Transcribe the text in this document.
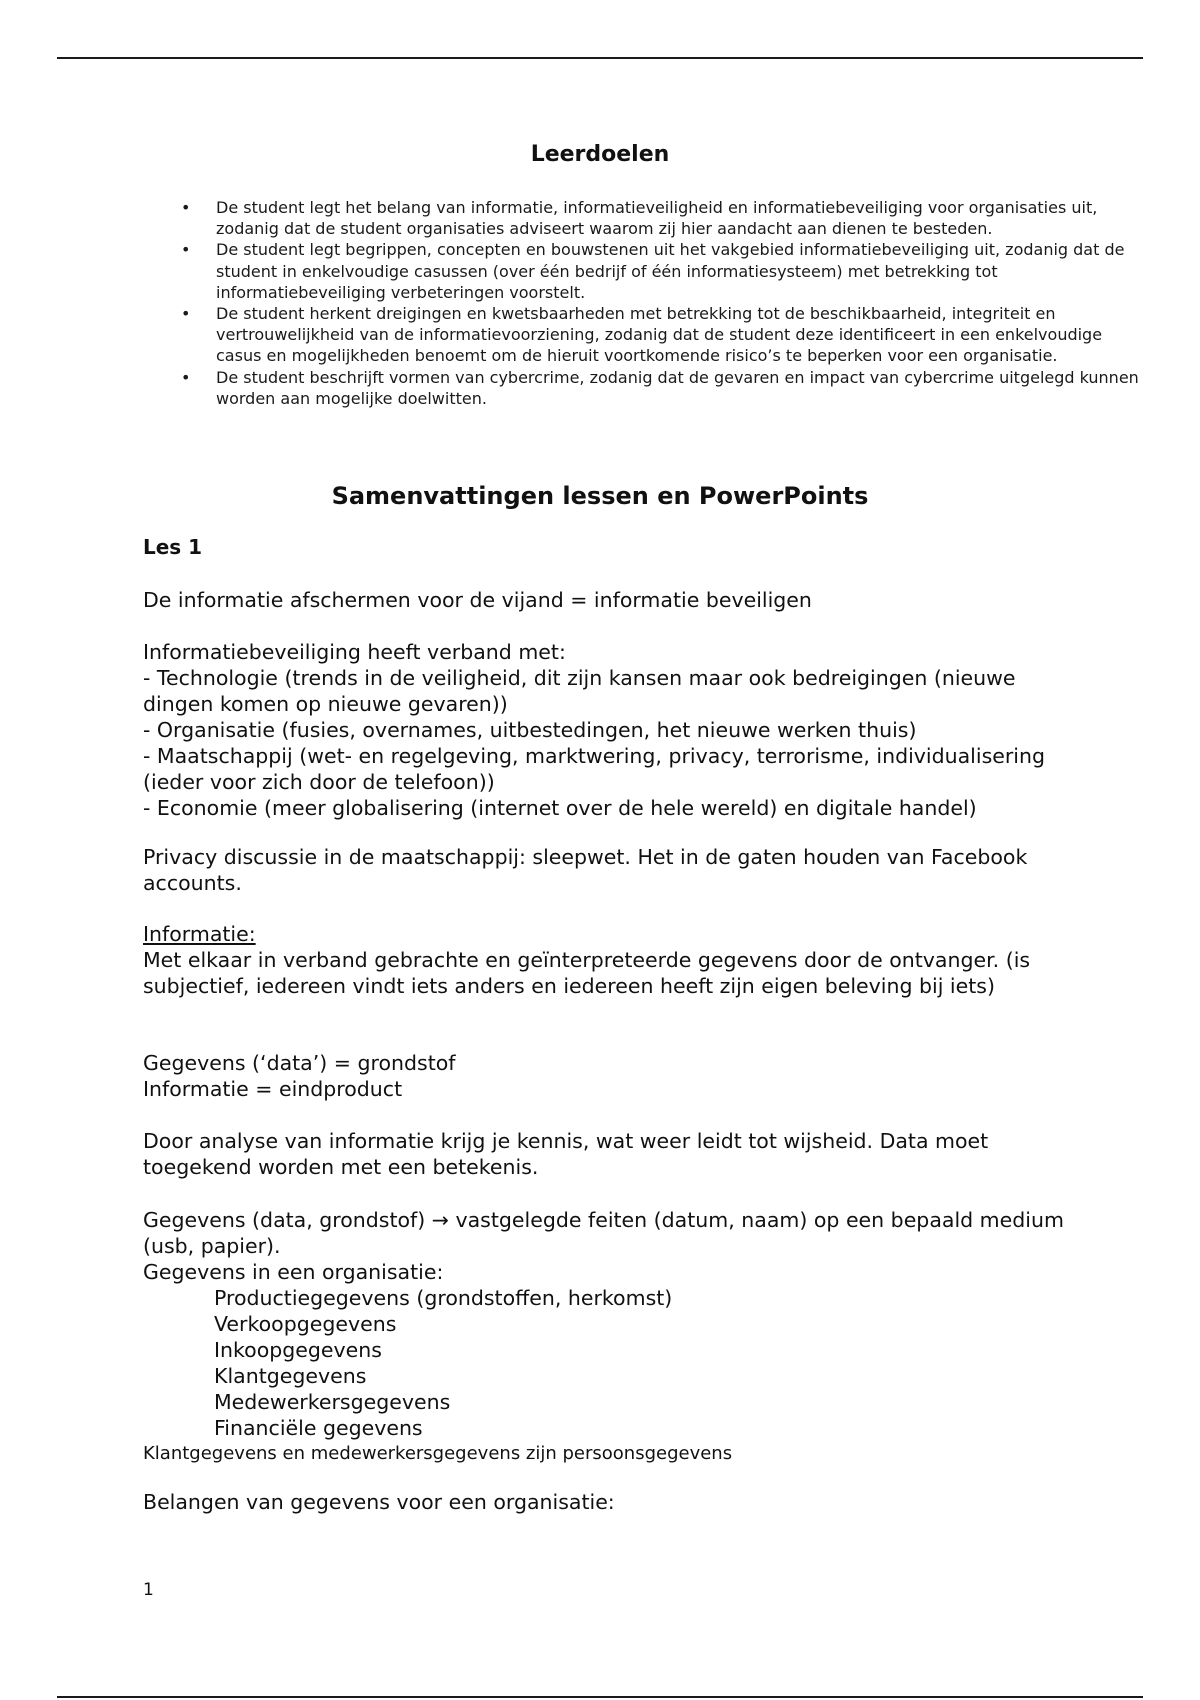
Leerdoelen
• De student legt het belang van informatie, informatieveiligheid en informatiebeveiliging voor organisaties uit, zodanig dat de student organisaties adviseert waarom zij hier aandacht aan dienen te besteden.
• De student legt begrippen, concepten en bouwstenen uit het vakgebied informatiebeveiliging uit, zodanig dat de student in enkelvoudige casussen (over één bedrijf of één informatiesysteem) met betrekking tot informatiebeveiliging verbeteringen voorstelt.
• De student herkent dreigingen en kwetsbaarheden met betrekking tot de beschikbaarheid, integriteit en vertrouwelijkheid van de informatievoorziening, zodanig dat de student deze identificeert in een enkelvoudige casus en mogelijkheden benoemt om de hieruit voortkomende risico’s te beperken voor een organisatie.
• De student beschrijft vormen van cybercrime, zodanig dat de gevaren en impact van cybercrime uitgelegd kunnen worden aan mogelijke doelwitten.
Samenvattingen lessen en PowerPoints
Les 1

De informatie afschermen voor de vijand = informatie beveiligen

Informatiebeveiliging heeft verband met:

- Technologie (trends in de veiligheid, dit zijn kansen maar ook bedreigingen (nieuwe dingen komen op nieuwe gevaren))

- Organisatie (fusies, overnames, uitbestedingen, het nieuwe werken thuis)

- Maatschappij (wet- en regelgeving, marktwering, privacy, terrorisme, individualisering (ieder voor zich door de telefoon))

- Economie (meer globalisering (internet over de hele wereld) en digitale handel)

Privacy discussie in de maatschappij: sleepwet. Het in de gaten houden van Facebook accounts.

Informatie:

Met elkaar in verband gebrachte en geïnterpreteerde gegevens door de ontvanger. (is subjectief, iedereen vindt iets anders en iedereen heeft zijn eigen beleving bij iets)

Gegevens (‘data’) = grondstof

Informatie = eindproduct

Door analyse van informatie krijg je kennis, wat weer leidt tot wijsheid. Data moet toegekend worden met een betekenis.

Gegevens (data, grondstof) → vastgelegde feiten (datum, naam) op een bepaald medium (usb, papier).

Gegevens in een organisatie:

Productiegegevens (grondstoffen, herkomst)

Verkoopgegevens

Inkoopgegevens

Klantgegevens

Medewerkersgegevens

Financiële gegevens

Klantgegevens en medewerkersgegevens zijn persoonsgegevens

Belangen van gegevens voor een organisatie:

1
